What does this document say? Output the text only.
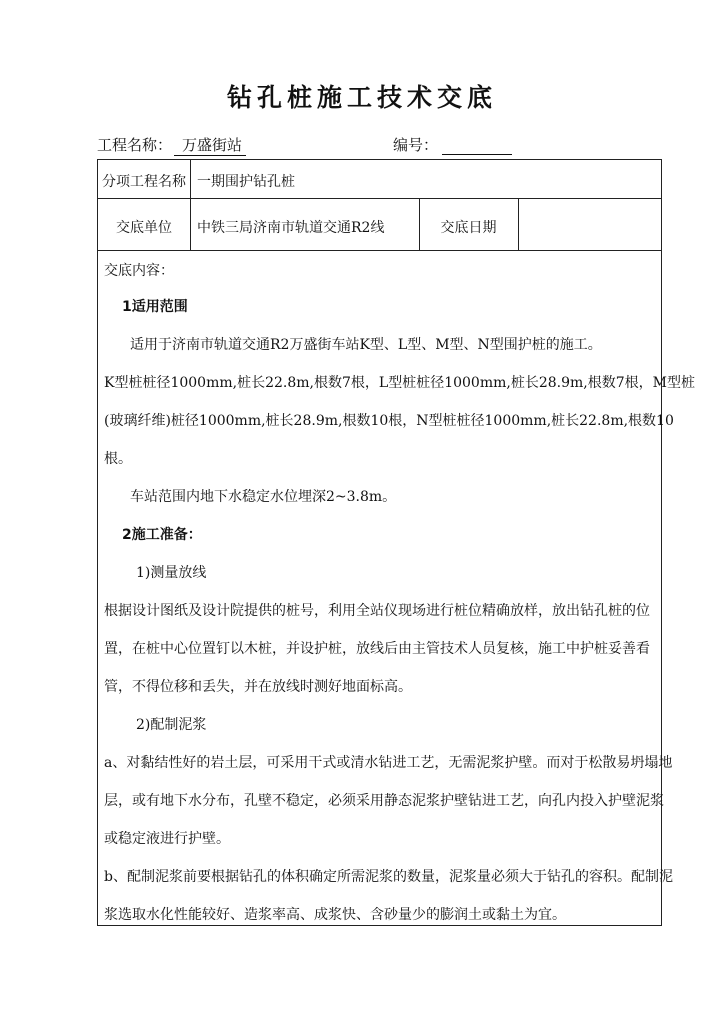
钻孔桩施工技术交底
工程名称： 万盛街站	编号：
分项工程名称 一期围护钻孔桩
交底单位	中铁三局济南市轨道交通R2线	交底日期

交底内容：

1适用范围

适用于济南市轨道交通R2万盛街车站K型、L型、M型、N型围护桩的施工。

K型桩桩径1000mm,桩长22.8m,根数7根，L型桩桩径1000mm,桩长28.9m,根数7根，M型桩

(玻璃纤维)桩径1000mm,桩长28.9m,根数10根，N型桩桩径1000mm,桩长22.8m,根数10

根。

车站范围内地下水稳定水位埋深2~3.8m。

2施工准备：

1)测量放线

根据设计图纸及设计院提供的桩号，利用全站仪现场进行桩位精确放样，放出钻孔桩的位

置，在桩中心位置钉以木桩，并设护桩，放线后由主管技术人员复核，施工中护桩妥善看

管，不得位移和丢失，并在放线时测好地面标高。

2)配制泥浆

a、对黏结性好的岩土层，可采用干式或清水钻进工艺，无需泥浆护壁。而对于松散易坍塌地

层，或有地下水分布，孔壁不稳定，必须采用静态泥浆护壁钻进工艺，向孔内投入护壁泥浆

或稳定液进行护壁。

b、配制泥浆前要根据钻孔的体积确定所需泥浆的数量，泥浆量必须大于钻孔的容积。配制泥

浆选取水化性能较好、造浆率高、成浆快、含砂量少的膨润土或黏土为宜。
